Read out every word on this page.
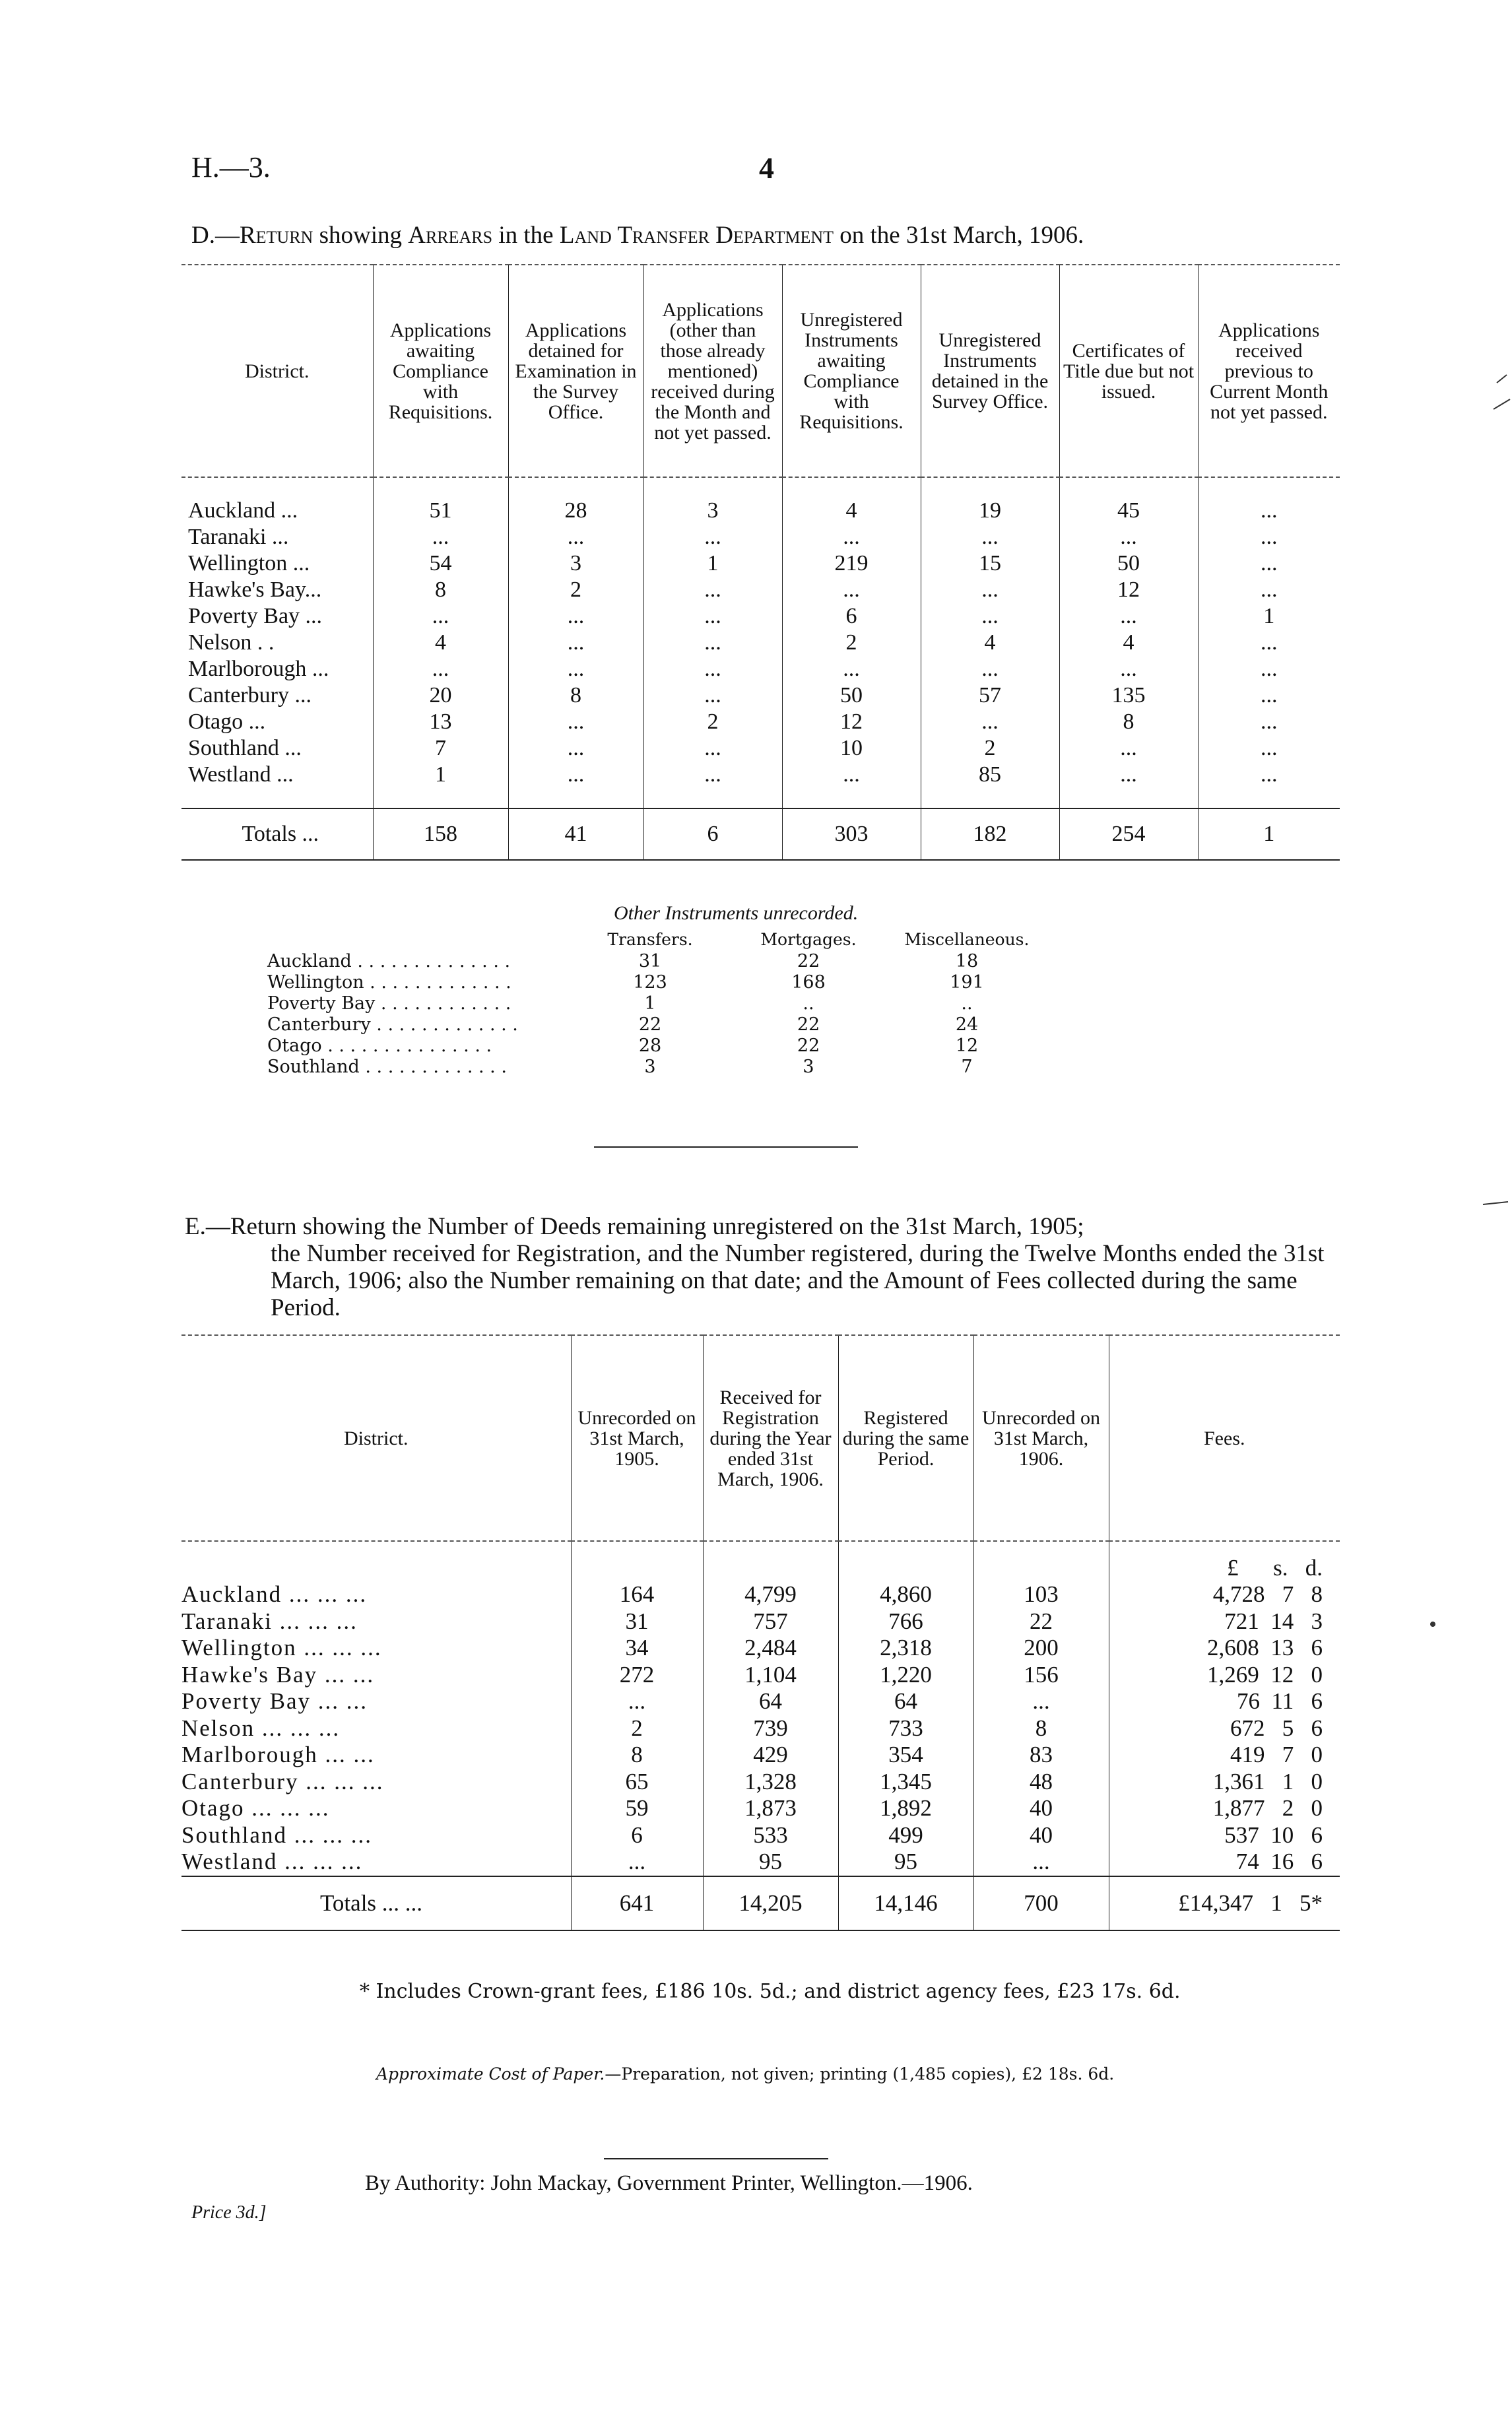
H.—3.	4
D.—Return showing Arrears in the Land Transfer Department on the 31st March, 1906.
District.	Applications awaiting Compliance with Requisitions.	Applications detained for Examination in the Survey Office.	Applications (other than those already mentioned) received during the Month and not yet passed.	Unregistered Instruments awaiting Compliance with Requisitions.	Unregistered Instruments detained in the Survey Office.	Certificates of Title due but not issued.	Applications received previous to Current Month not yet passed.

Auckland ...	51	28	3	4	19	45	...
Taranaki ...	...	...	...	...	...	...	...
Wellington ...	54	3	1	219	15	50	...
Hawke's Bay...	8	2	...	...	...	12	...
Poverty Bay ...	...	...	...	6	...	...	1
Nelson . .	4	...	...	2	4	4	...
Marlborough ...	...	...	...	...	...	...	...
Canterbury ...	20	8	...	50	57	135	...
Otago ...	13	...	2	12	...	8	...
Southland ...	7	...	...	10	2	...	...
Westland ...	1	...	...	...	85	...	...

Totals ...	158	41	6	303	182	254	1
Other Instruments unrecorded.
	Transfers.	Mortgages.	Miscellaneous.
Auckland . . . . . . . . . . . . . .	31	22	18
Wellington . . . . . . . . . . . . .	123	168	191
Poverty Bay . . . . . . . . . . . .	1	..	..
Canterbury . . . . . . . . . . . . .	22	22	24
Otago . . . . . . . . . . . . . . .	28	22	12
Southland . . . . . . . . . . . . .	3	3	7
E.—Return showing the Number of Deeds remaining unregistered on the 31st March, 1905;
the Number received for Registration, and the Number registered, during the Twelve Months ended the 31st March, 1906; also the Number remaining on that date; and the Amount of Fees collected during the same Period.
District.	Unrecorded on 31st March, 1905.	Received for Registration during the Year ended 31st March, 1906.	Registered during the same Period.	Unrecorded on 31st March, 1906.	Fees.
					£      s.   d.
Auckland ... ... ...	164	4,799	4,860	103	4,728   7   8
Taranaki ... ... ...	31	757	766	22	721  14   3
Wellington ... ... ...	34	2,484	2,318	200	2,608  13   6
Hawke's Bay ... ...	272	1,104	1,220	156	1,269  12   0
Poverty Bay ... ...	...	64	64	...	76  11   6
Nelson ... ... ...	2	739	733	8	672   5   6
Marlborough ... ...	8	429	354	83	419   7   0
Canterbury ... ... ...	65	1,328	1,345	48	1,361   1   0
Otago ... ... ...	59	1,873	1,892	40	1,877   2   0
Southland ... ... ...	6	533	499	40	537  10   6
Westland ... ... ...	...	95	95	...	74  16   6
Totals ... ...	641	14,205	14,146	700	£14,347   1   5*
* Includes Crown-grant fees, £186 10s. 5d.; and district agency fees, £23 17s. 6d.
Approximate Cost of Paper.—Preparation, not given; printing (1,485 copies), £2 18s. 6d.
By Authority: John Mackay, Government Printer, Wellington.—1906.
Price 3d.]
